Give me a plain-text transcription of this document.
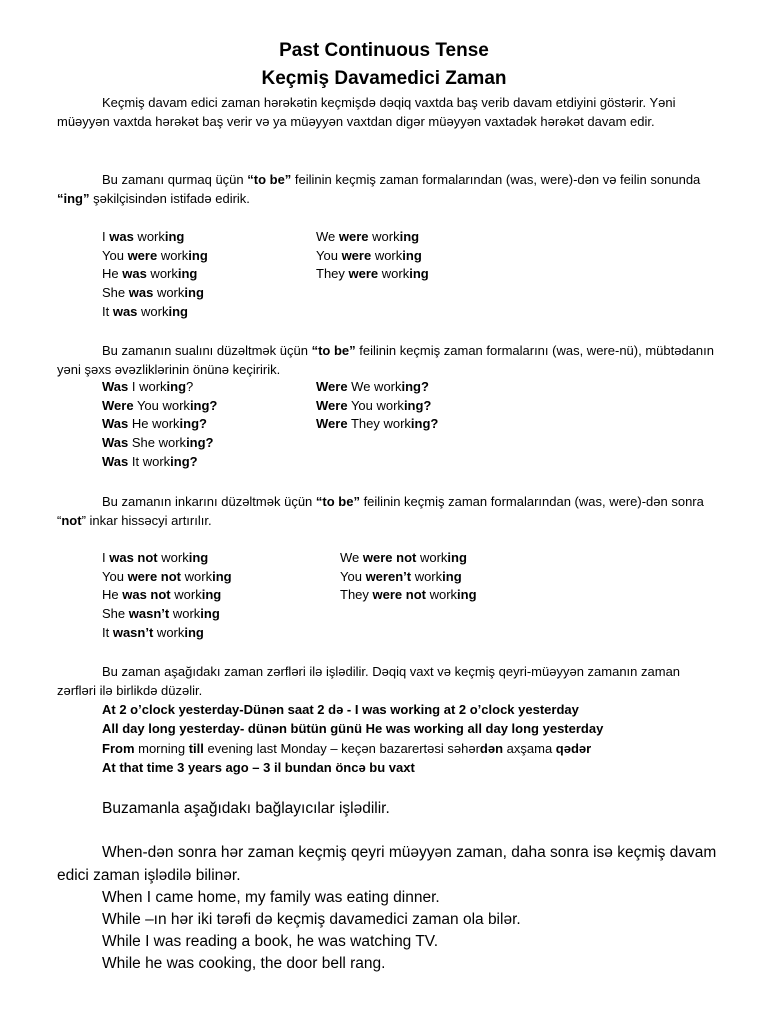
Past Continuous Tense
Keçmiş Davamedici Zaman

Keçmiş davam edici zaman hərəkətin keçmişdə dəqiq vaxtda baş verib davam etdiyini göstərir. Yəni müəyyən vaxtda hərəkət baş verir və ya müəyyən vaxtdan digər müəyyən vaxtadək hərəkət davam edir.

Bu zamanı qurmaq üçün “to be” feilinin keçmiş zaman formalarından (was, were)-dən və feilin sonunda “ing” şəkilçisindən istifadə edirik.

I was working
You were working
He was working
She was working
It was working
We were working
You were working
They were working

Bu zamanın sualını düzəltmək üçün “to be” feilinin keçmiş zaman formalarını (was, were-nü), mübtədanın yəni şəxs əvəzliklərinin önünə keçiririk.

Was I working?
Were You working?
Was He working?
Was She working?
Was It working?
Were We working?
Were You working?
Were They working?

Bu zamanın inkarını düzəltmək üçün “to be” feilinin keçmiş zaman formalarından (was, were)-dən sonra “not” inkar hissəcyi artırılır.

I was not working
You were not working
He was not working
She wasn’t working
It wasn’t working
We were not working
You weren’t working
They were not working

Bu zaman aşağıdakı zaman zərfləri ilə işlədilir. Dəqiq vaxt və keçmiş qeyri-müəyyən zamanın zaman zərfləri ilə birlikdə düzəlir.

At 2 o’clock yesterday-Dünən saat 2 də - I was working at 2 o’clock yesterday
All day long yesterday- dünən bütün günü He was working all day long yesterday
From morning till evening last Monday – keçən bazarertəsi səhərdən axşama qədər
At that time 3 years ago – 3 il bundan öncə bu vaxt
Buzamanla aşağıdakı bağlayıcılar işlədilir.

When-dən sonra hər zaman keçmiş qeyri müəyyən zaman, daha sonra isə keçmiş davam edici zaman işlədilə bilinər.

When I came home, my family was eating dinner.
While –ın hər iki tərəfi də keçmiş davamedici zaman ola bilər.
While I was reading a book, he was watching TV.
While he was cooking, the door bell rang.
